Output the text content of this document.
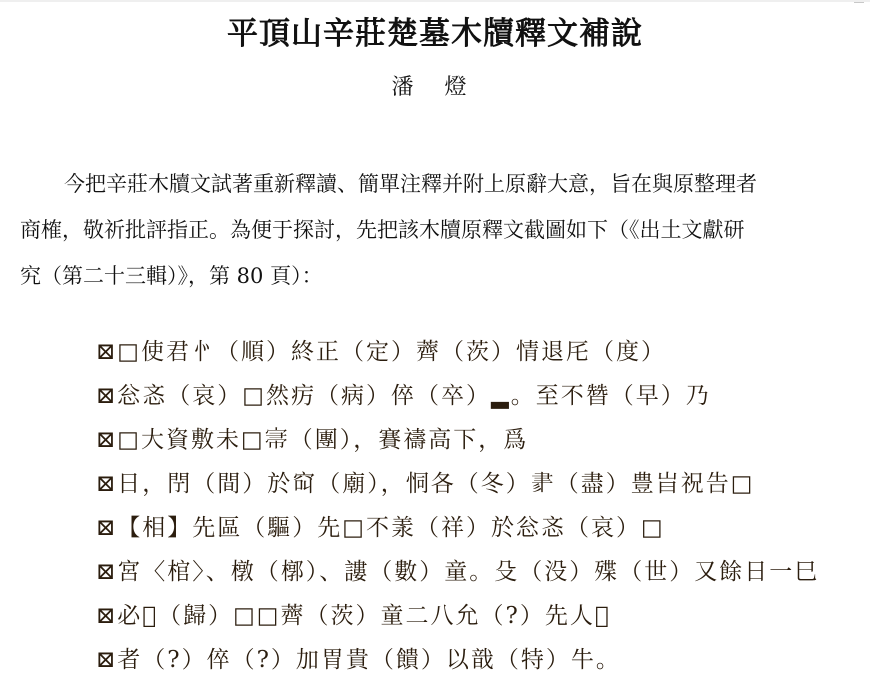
平頂山辛莊楚墓木牘釋文補說
潘 燈
今把辛莊木牘文試著重新釋讀、簡單注釋并附上原辭大意，旨在與原整理者
商榷，敬祈批評指正。為便于探討，先把該木牘原釋文截圖如下（《出土文獻研
究（第二十三輯）》，第 80 頁）：
⊠□使君㣺（順）終正（定）薺（茨）情退厇（度）
⊠忩忞（哀）□然疠（病）倅（卒）▂。至不㬱（早）乃
⊠□大資敷未□𡨦（團），賽禱高下，爲
⊠日，閅（間）於䆗（廟），恫各（冬）𦘔（盡）豊㞱祝告□
⊠【相】先區（驅）先□不羕（祥）於忩忞（哀）□
⊠宮〈棺〉、橔（槨）、謱（數）童。殳（没）殜（世）又餘日一巳
⊠必𨔍（歸）□□薺（茨）童二八允（?）先人𨧫
⊠者（?）倅（?）加胃貴（饋）以戠（特）牛。
